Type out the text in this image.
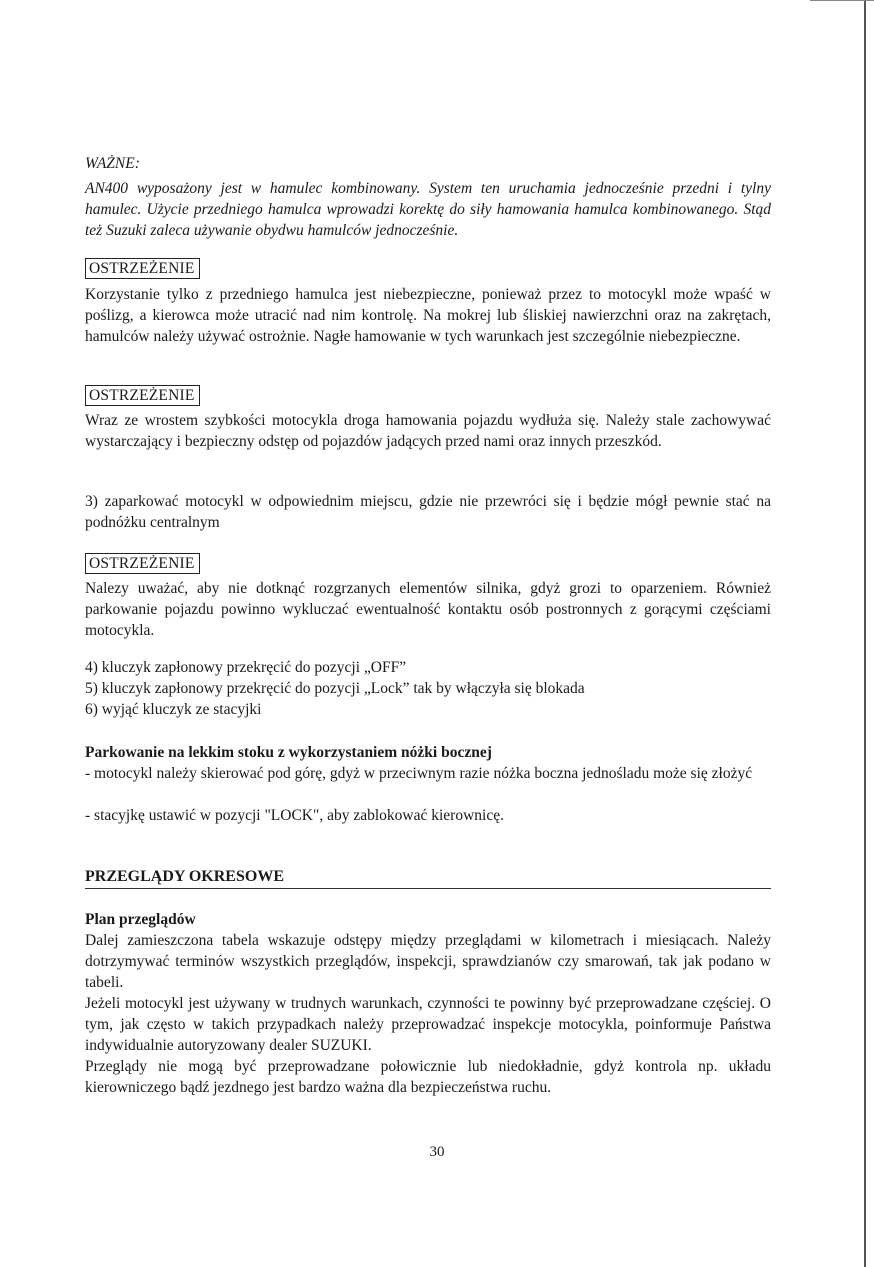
WAŻNE:
AN400 wyposażony jest w hamulec kombinowany. System ten uruchamia jednocześnie przedni i tylny hamulec. Użycie przedniego hamulca wprowadzi korektę do siły hamowania hamulca kombinowanego. Stąd też Suzuki zaleca używanie obydwu hamulców jednocześnie.
OSTRZEŻENIE
Korzystanie tylko z przedniego hamulca jest niebezpieczne, ponieważ przez to motocykl może wpaść w poślizg, a kierowca może utracić nad nim kontrolę. Na mokrej lub śliskiej nawierzchni oraz na zakrętach, hamulców należy używać ostrożnie. Nagłe hamowanie w tych warunkach jest szczególnie niebezpieczne.
OSTRZEŻENIE
Wraz ze wrostem szybkości motocykla droga hamowania pojazdu wydłuża się. Należy stale zachowywać wystarczający i bezpieczny odstęp od pojazdów jadących przed nami oraz innych przeszkód.
3) zaparkować motocykl w odpowiednim miejscu, gdzie nie przewróci się i będzie mógł pewnie stać na podnóżku centralnym
OSTRZEŻENIE
Nalezy uważać, aby nie dotknąć rozgrzanych elementów silnika, gdyż grozi to oparzeniem. Również parkowanie pojazdu powinno wykluczać ewentualność kontaktu osób postronnych z gorącymi częściami motocykla.
4) kluczyk zapłonowy przekręcić do pozycji „OFF”
5) kluczyk zapłonowy przekręcić do pozycji „Lock” tak by włączyła się blokada
6) wyjąć kluczyk ze stacyjki
Parkowanie na lekkim stoku z wykorzystaniem nóżki bocznej
- motocykl należy skierować pod górę, gdyż w przeciwnym razie nóżka boczna jednośladu może się złożyć
- stacyjkę ustawić w pozycji "LOCK", aby zablokować kierownicę.
PRZEGLĄDY OKRESOWE
Plan przeglądów
Dalej zamieszczona tabela wskazuje odstępy między przeglądami w kilometrach i miesiącach. Należy dotrzymywać terminów wszystkich przeglądów, inspekcji, sprawdzianów czy smarowań, tak jak podano w tabeli.
Jeżeli motocykl jest używany w trudnych warunkach, czynności te powinny być przeprowadzane częściej. O tym, jak często w takich przypadkach należy przeprowadzać inspekcje motocykla, poinformuje Państwa indywidualnie autoryzowany dealer SUZUKI.
Przeglądy nie mogą być przeprowadzane połowicznie lub niedokładnie, gdyż kontrola np. układu kierowniczego bądź jezdnego jest bardzo ważna dla bezpieczeństwa ruchu.
30
